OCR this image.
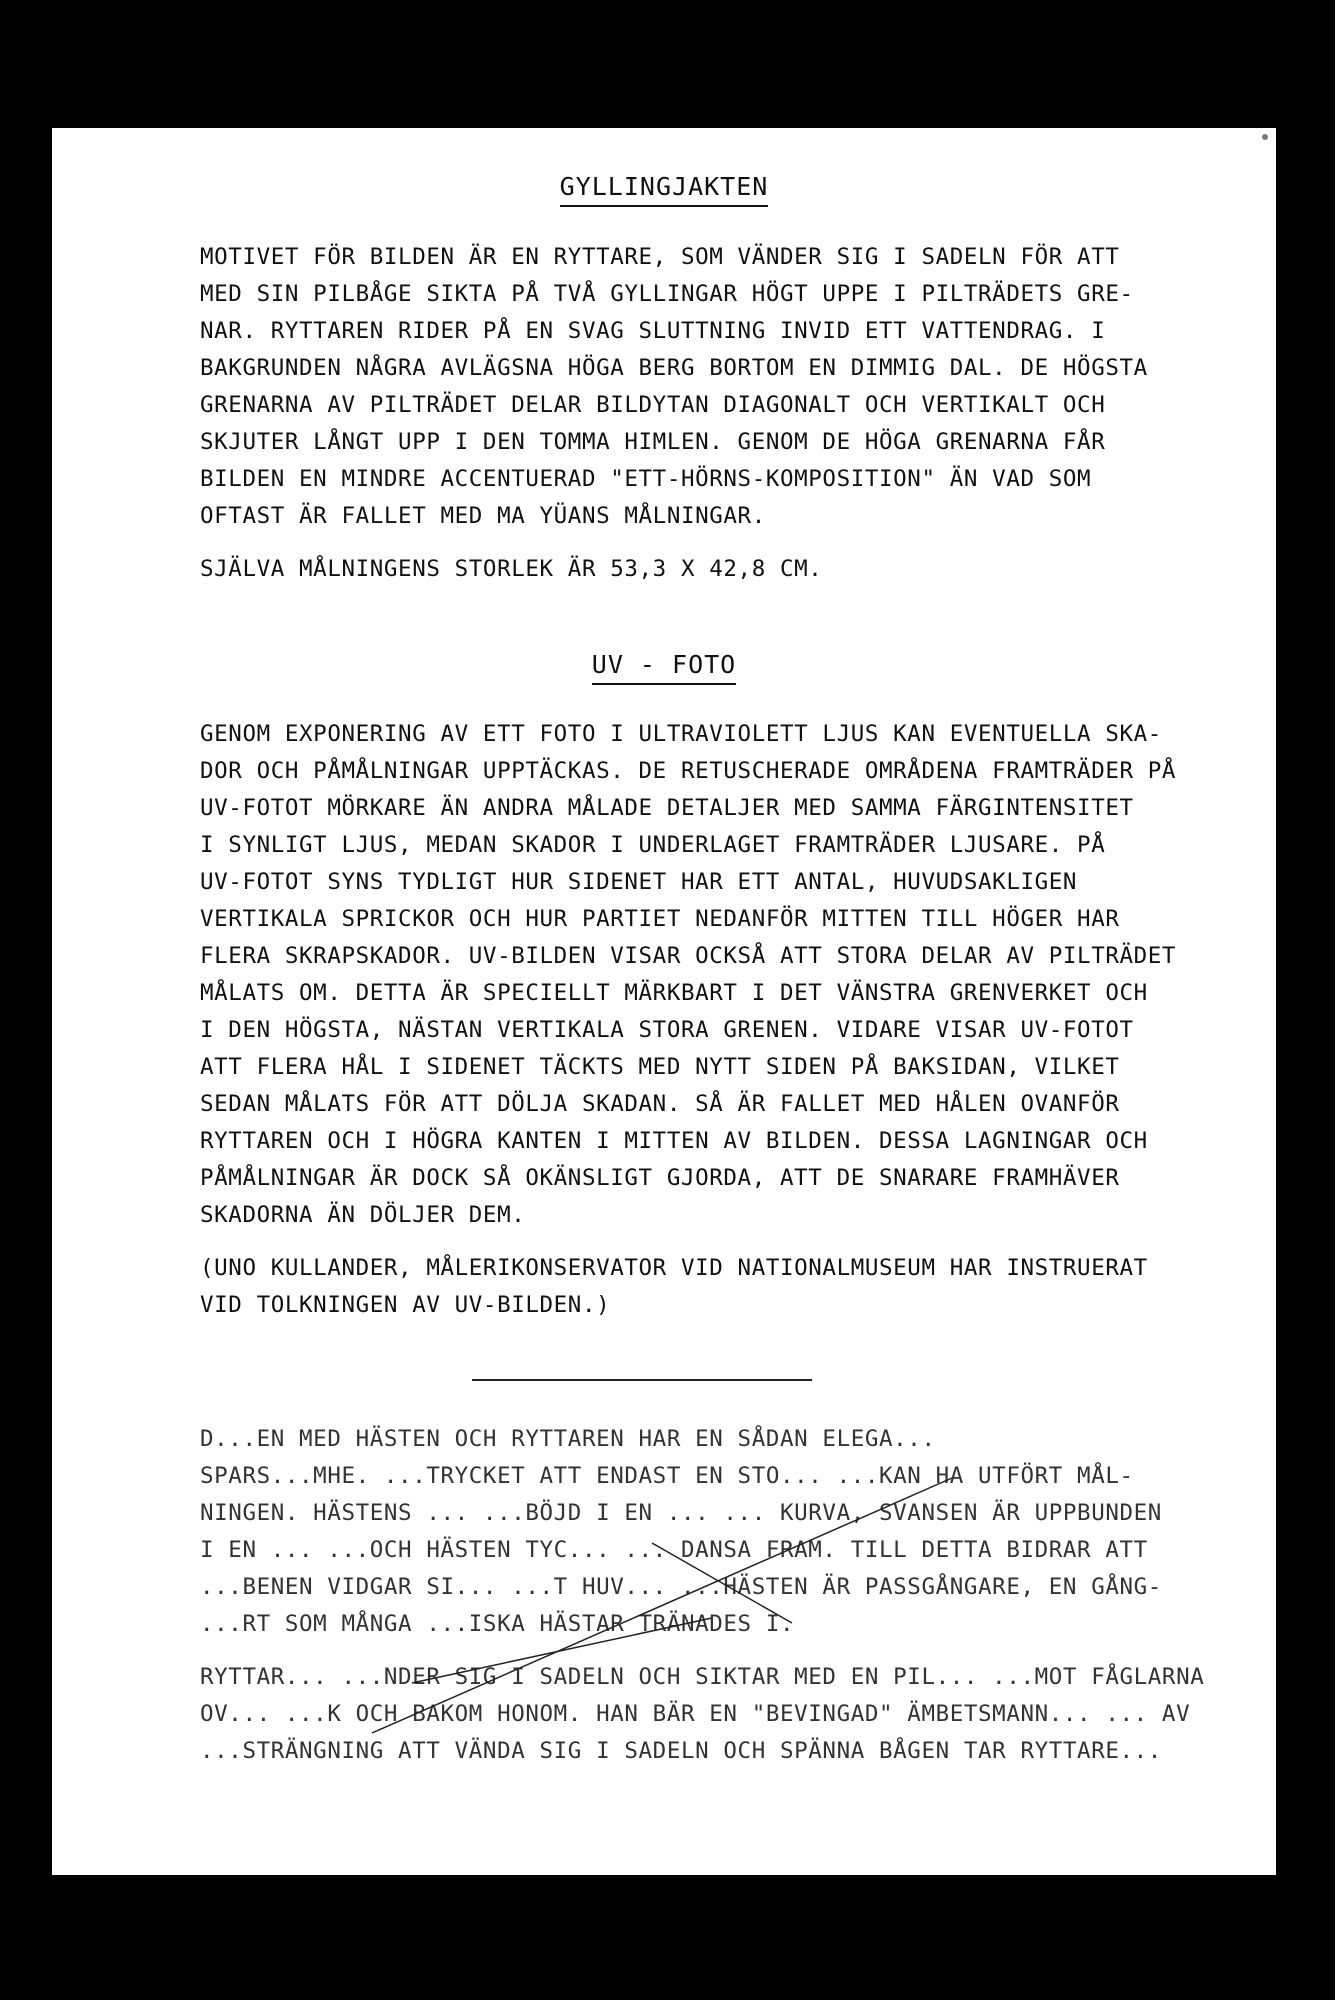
GYLLINGJAKTEN
MOTIVET FÖR BILDEN ÄR EN RYTTARE, SOM VÄNDER SIG I SADELN FÖR ATT
MED SIN PILBÅGE SIKTA PÅ TVÅ GYLLINGAR HÖGT UPPE I PILTRÄDETS GRE-
NAR. RYTTAREN RIDER PÅ EN SVAG SLUTTNING INVID ETT VATTENDRAG. I
BAKGRUNDEN NÅGRA AVLÄGSNA HÖGA BERG BORTOM EN DIMMIG DAL. DE HÖGSTA
GRENARNA AV PILTRÄDET DELAR BILDYTAN DIAGONALT OCH VERTIKALT OCH
SKJUTER LÅNGT UPP I DEN TOMMA HIMLEN. GENOM DE HÖGA GRENARNA FÅR
BILDEN EN MINDRE ACCENTUERAD "ETT-HÖRNS-KOMPOSITION" ÄN VAD SOM
OFTAST ÄR FALLET MED MA YÜANS MÅLNINGAR.
SJÄLVA MÅLNINGENS STORLEK ÄR 53,3 X 42,8 CM.
UV - FOTO
GENOM EXPONERING AV ETT FOTO I ULTRAVIOLETT LJUS KAN EVENTUELLA SKA-
DOR OCH PÅMÅLNINGAR UPPTÄCKAS. DE RETUSCHERADE OMRÅDENA FRAMTRÄDER PÅ
UV-FOTOT MÖRKARE ÄN ANDRA MÅLADE DETALJER MED SAMMA FÄRGINTENSITET
I SYNLIGT LJUS, MEDAN SKADOR I UNDERLAGET FRAMTRÄDER LJUSARE. PÅ
UV-FOTOT SYNS TYDLIGT HUR SIDENET HAR ETT ANTAL, HUVUDSAKLIGEN
VERTIKALA SPRICKOR OCH HUR PARTIET NEDANFÖR MITTEN TILL HÖGER HAR
FLERA SKRAPSKADOR. UV-BILDEN VISAR OCKSÅ ATT STORA DELAR AV PILTRÄDET
MÅLATS OM. DETTA ÄR SPECIELLT MÄRKBART I DET VÄNSTRA GRENVERKET OCH
I DEN HÖGSTA, NÄSTAN VERTIKALA STORA GRENEN. VIDARE VISAR UV-FOTOT
ATT FLERA HÅL I SIDENET TÄCKTS MED NYTT SIDEN PÅ BAKSIDAN, VILKET
SEDAN MÅLATS FÖR ATT DÖLJA SKADAN. SÅ ÄR FALLET MED HÅLEN OVANFÖR
RYTTAREN OCH I HÖGRA KANTEN I MITTEN AV BILDEN. DESSA LAGNINGAR OCH
PÅMÅLNINGAR ÄR DOCK SÅ OKÄNSLIGT GJORDA, ATT DE SNARARE FRAMHÄVER
SKADORNA ÄN DÖLJER DEM.
(UNO KULLANDER, MÅLERIKONSERVATOR VID NATIONALMUSEUM HAR INSTRUERAT
VID TOLKNINGEN AV UV-BILDEN.)
D...EN MED HÄSTEN OCH RYTTAREN HAR EN SÅDAN ELEGA...
SPARS...MHE. ...TRYCKET ATT ENDAST EN STO... ...KAN HA UTFÖRT MÅL-
NINGEN. HÄSTENS ... ...BÖJD I EN ... ... KURVA, SVANSEN ÄR UPPBUNDEN
I EN ... ...OCH HÄSTEN TYC... ... DANSA FRAM. TILL DETTA BIDRAR ATT
...BENEN VIDGAR SI... ...T HUV... ...HÄSTEN ÄR PASSGÅNGARE, EN GÅNG-
...RT SOM MÅNGA ...ISKA HÄSTAR TRÄNADES I.
RYTTAR... ...NDER SIG I SADELN OCH SIKTAR MED EN PIL... ...MOT FÅGLARNA
OV... ...K OCH BAKOM HONOM. HAN BÄR EN "BEVINGAD" ÄMBETSMANN... ... AV
...STRÄNGNING ATT VÄNDA SIG I SADELN OCH SPÄNNA BÅGEN TAR RYTTARE...
